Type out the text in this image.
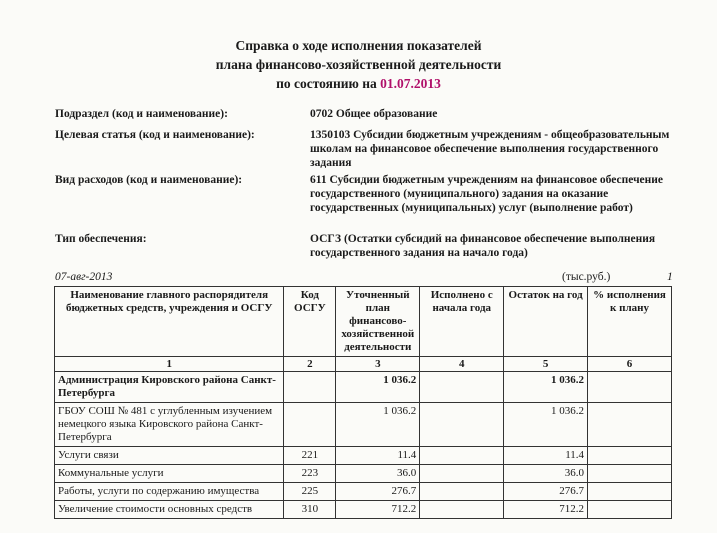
Справка о ходе исполнения показателей
плана финансово-хозяйственной деятельности
по состоянию на 01.07.2013
Подраздел (код и наименование):	0702 Общее образование
Целевая статья (код и наименование):	1350103 Субсидии бюджетным учреждениям - общеобразовательным школам на финансовое обеспечение выполнения государственного задания
Вид расходов (код и наименование):	611 Субсидии бюджетным учреждениям на финансовое обеспечение государственного (муниципального) задания на оказание государственных (муниципальных) услуг (выполнение работ)
Тип обеспечения:	ОСГЗ (Остатки субсидий на финансовое обеспечение выполнения государственного задания на начало года)
07-авг-2013	(тыс.руб.)	1
Наименование главного распорядителя бюджетных средств, учреждения и ОСГУ	Код ОСГУ	Уточненный план финансово-хозяйственной деятельности	Исполнено с начала года	Остаток на год	% исполнения к плану
1	2	3	4	5	6
Администрация Кировского района Санкт-Петербурга		1 036.2		1 036.2	
ГБОУ СОШ № 481 с углубленным изучением немецкого языка Кировского района Санкт-Петербурга		1 036.2		1 036.2	
Услуги связи	221	11.4		11.4	
Коммунальные услуги	223	36.0		36.0	
Работы, услуги по содержанию имущества	225	276.7		276.7	
Увеличение стоимости основных средств	310	712.2		712.2	
